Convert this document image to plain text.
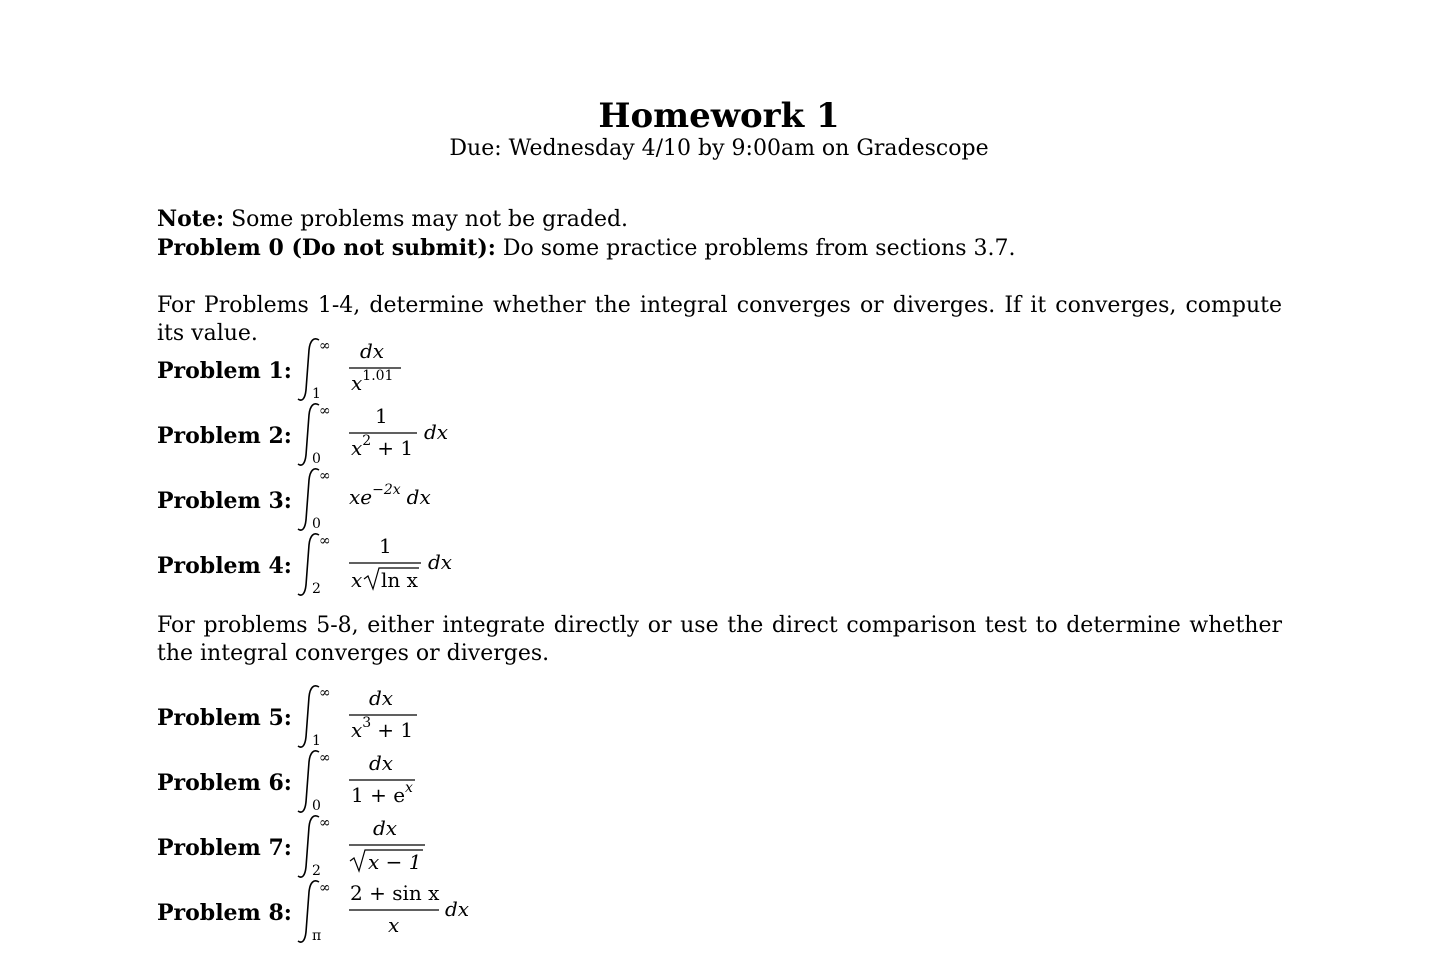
Homework 1
Due: Wednesday 4/10 by 9:00am on Gradescope
Note: Some problems may not be graded.
Problem 0 (Do not submit): Do some practice problems from sections 3.7.
For Problems 1-4, determine whether the integral converges or diverges. If it converges, compute its value.
Problem 1:
∞
1
dx
$x^{1.01}$
Problem 2:
∞
0
1
$x^2 + 1$
dx
Problem 3:
∞
0
$xe^{-2x}$ dx
Problem 4:
∞
2
1
x ln x
dx
For problems 5-8, either integrate directly or use the direct comparison test to determine whether the integral converges or diverges.
Problem 5:
∞
1
dx
$x^3 + 1$
Problem 6:
∞
0
dx
$1 + e^x$
Problem 7:
∞
2
dx
x − 1
Problem 8:
∞
π
2 + sin x
x
dx
